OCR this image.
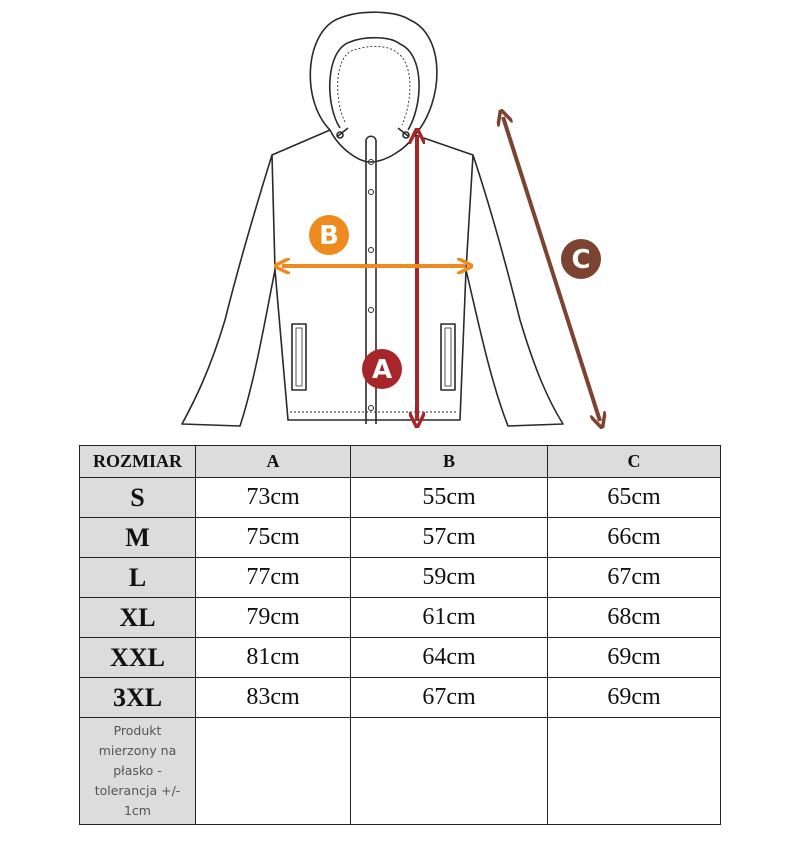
A
B
C
ROZMIAR	A	B	C
S	73cm	55cm	65cm
M	75cm	57cm	66cm
L	77cm	59cm	67cm
XL	79cm	61cm	68cm
XXL	81cm	64cm	69cm
3XL	83cm	67cm	69cm
Produkt mierzony na płasko - tolerancja +/- 1cm			
